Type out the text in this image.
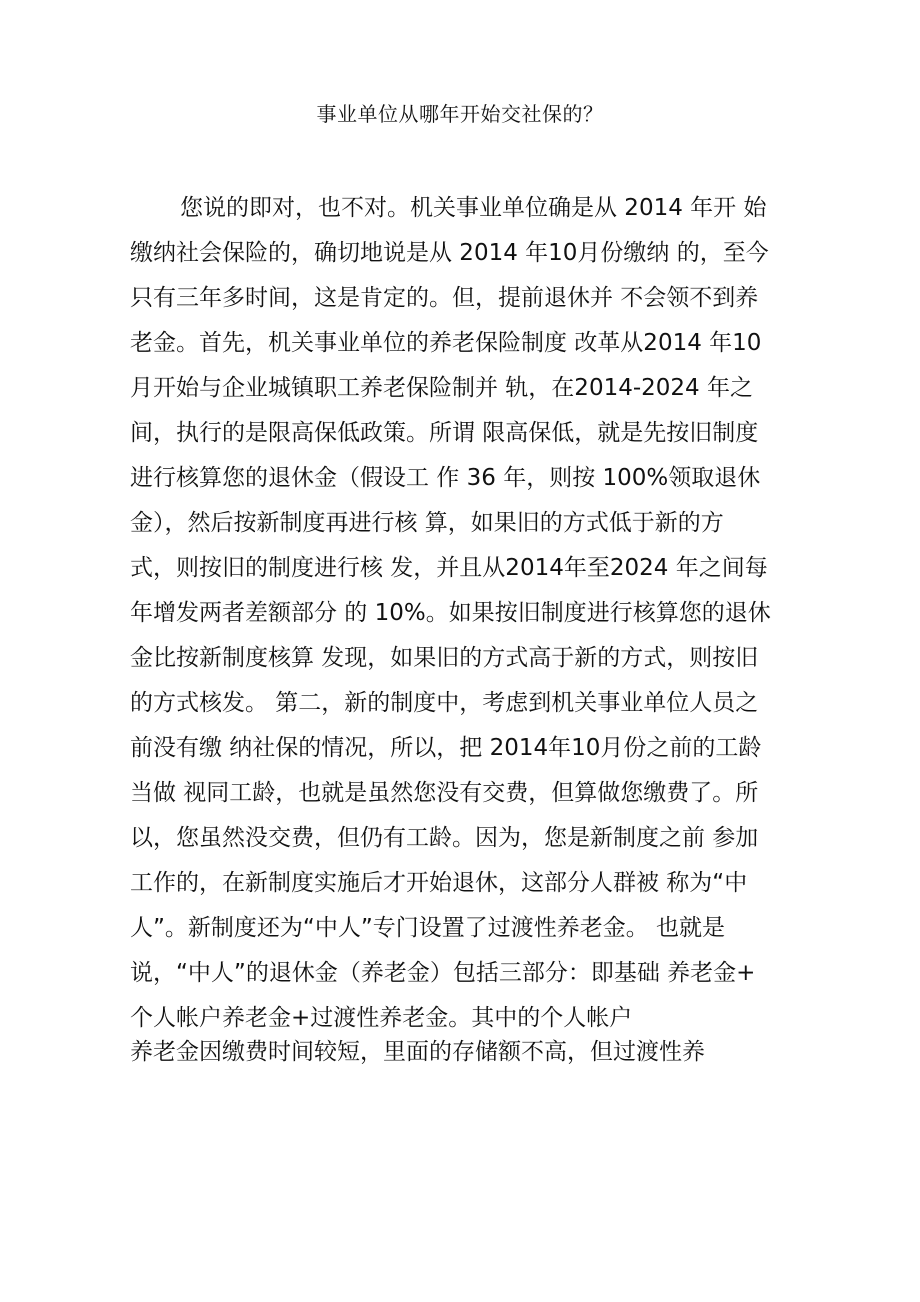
事业单位从哪年开始交社保的？
您说的即对，也不对。机关事业单位确是从 2014 年开 始
缴纳社会保险的，确切地说是从 2014 年10月份缴纳 的，至今
只有三年多时间，这是肯定的。但，提前退休并 不会领不到养
老金。首先，机关事业单位的养老保险制度 改革从2014 年10
月开始与企业城镇职工养老保险制并 轨，在2014-2024 年之
间，执行的是限高保低政策。所谓 限高保低，就是先按旧制度
进行核算您的退休金（假设工 作 36 年，则按 100%领取退休
金），然后按新制度再进行核 算，如果旧的方式低于新的方
式，则按旧的制度进行核 发，并且从2014年至2024 年之间每
年增发两者差额部分 的 10%。如果按旧制度进行核算您的退休
金比按新制度核算 发现，如果旧的方式高于新的方式，则按旧
的方式核发。 第二，新的制度中，考虑到机关事业单位人员之
前没有缴 纳社保的情况，所以，把 2014年10月份之前的工龄
当做 视同工龄，也就是虽然您没有交费，但算做您缴费了。所
以，您虽然没交费，但仍有工龄。因为，您是新制度之前 参加
工作的，在新制度实施后才开始退休，这部分人群被 称为“中
人”。新制度还为“中人”专门设置了过渡性养老金。 也就是
说，“中人”的退休金（养老金）包括三部分：即基础 养老金+
个人帐户养老金+过渡性养老金。其中的个人帐户
养老金因缴费时间较短，里面的存储额不高，但过渡性养
